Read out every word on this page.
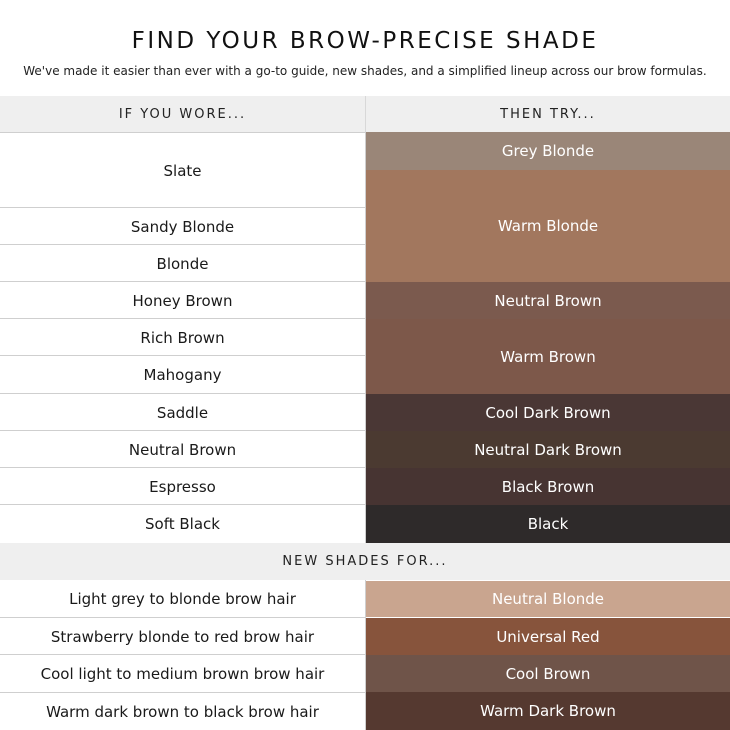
FIND YOUR BROW-PRECISE SHADE
We've made it easier than ever with a go-to guide, new shades, and a simplified lineup across our brow formulas.
IF YOU WORE...	THEN TRY...
Slate
Sandy Blonde
Blonde
Honey Brown
Rich Brown
Mahogany
Saddle
Neutral Brown
Espresso
Soft Black
Grey Blonde
Warm Blonde
Neutral Brown
Warm Brown
Cool Dark Brown
Neutral Dark Brown
Black Brown
Black
NEW SHADES FOR...
Light grey to blonde brow hair
Strawberry blonde to red brow hair
Cool light to medium brown brow hair
Warm dark brown to black brow hair
Neutral Blonde
Universal Red
Cool Brown
Warm Dark Brown
